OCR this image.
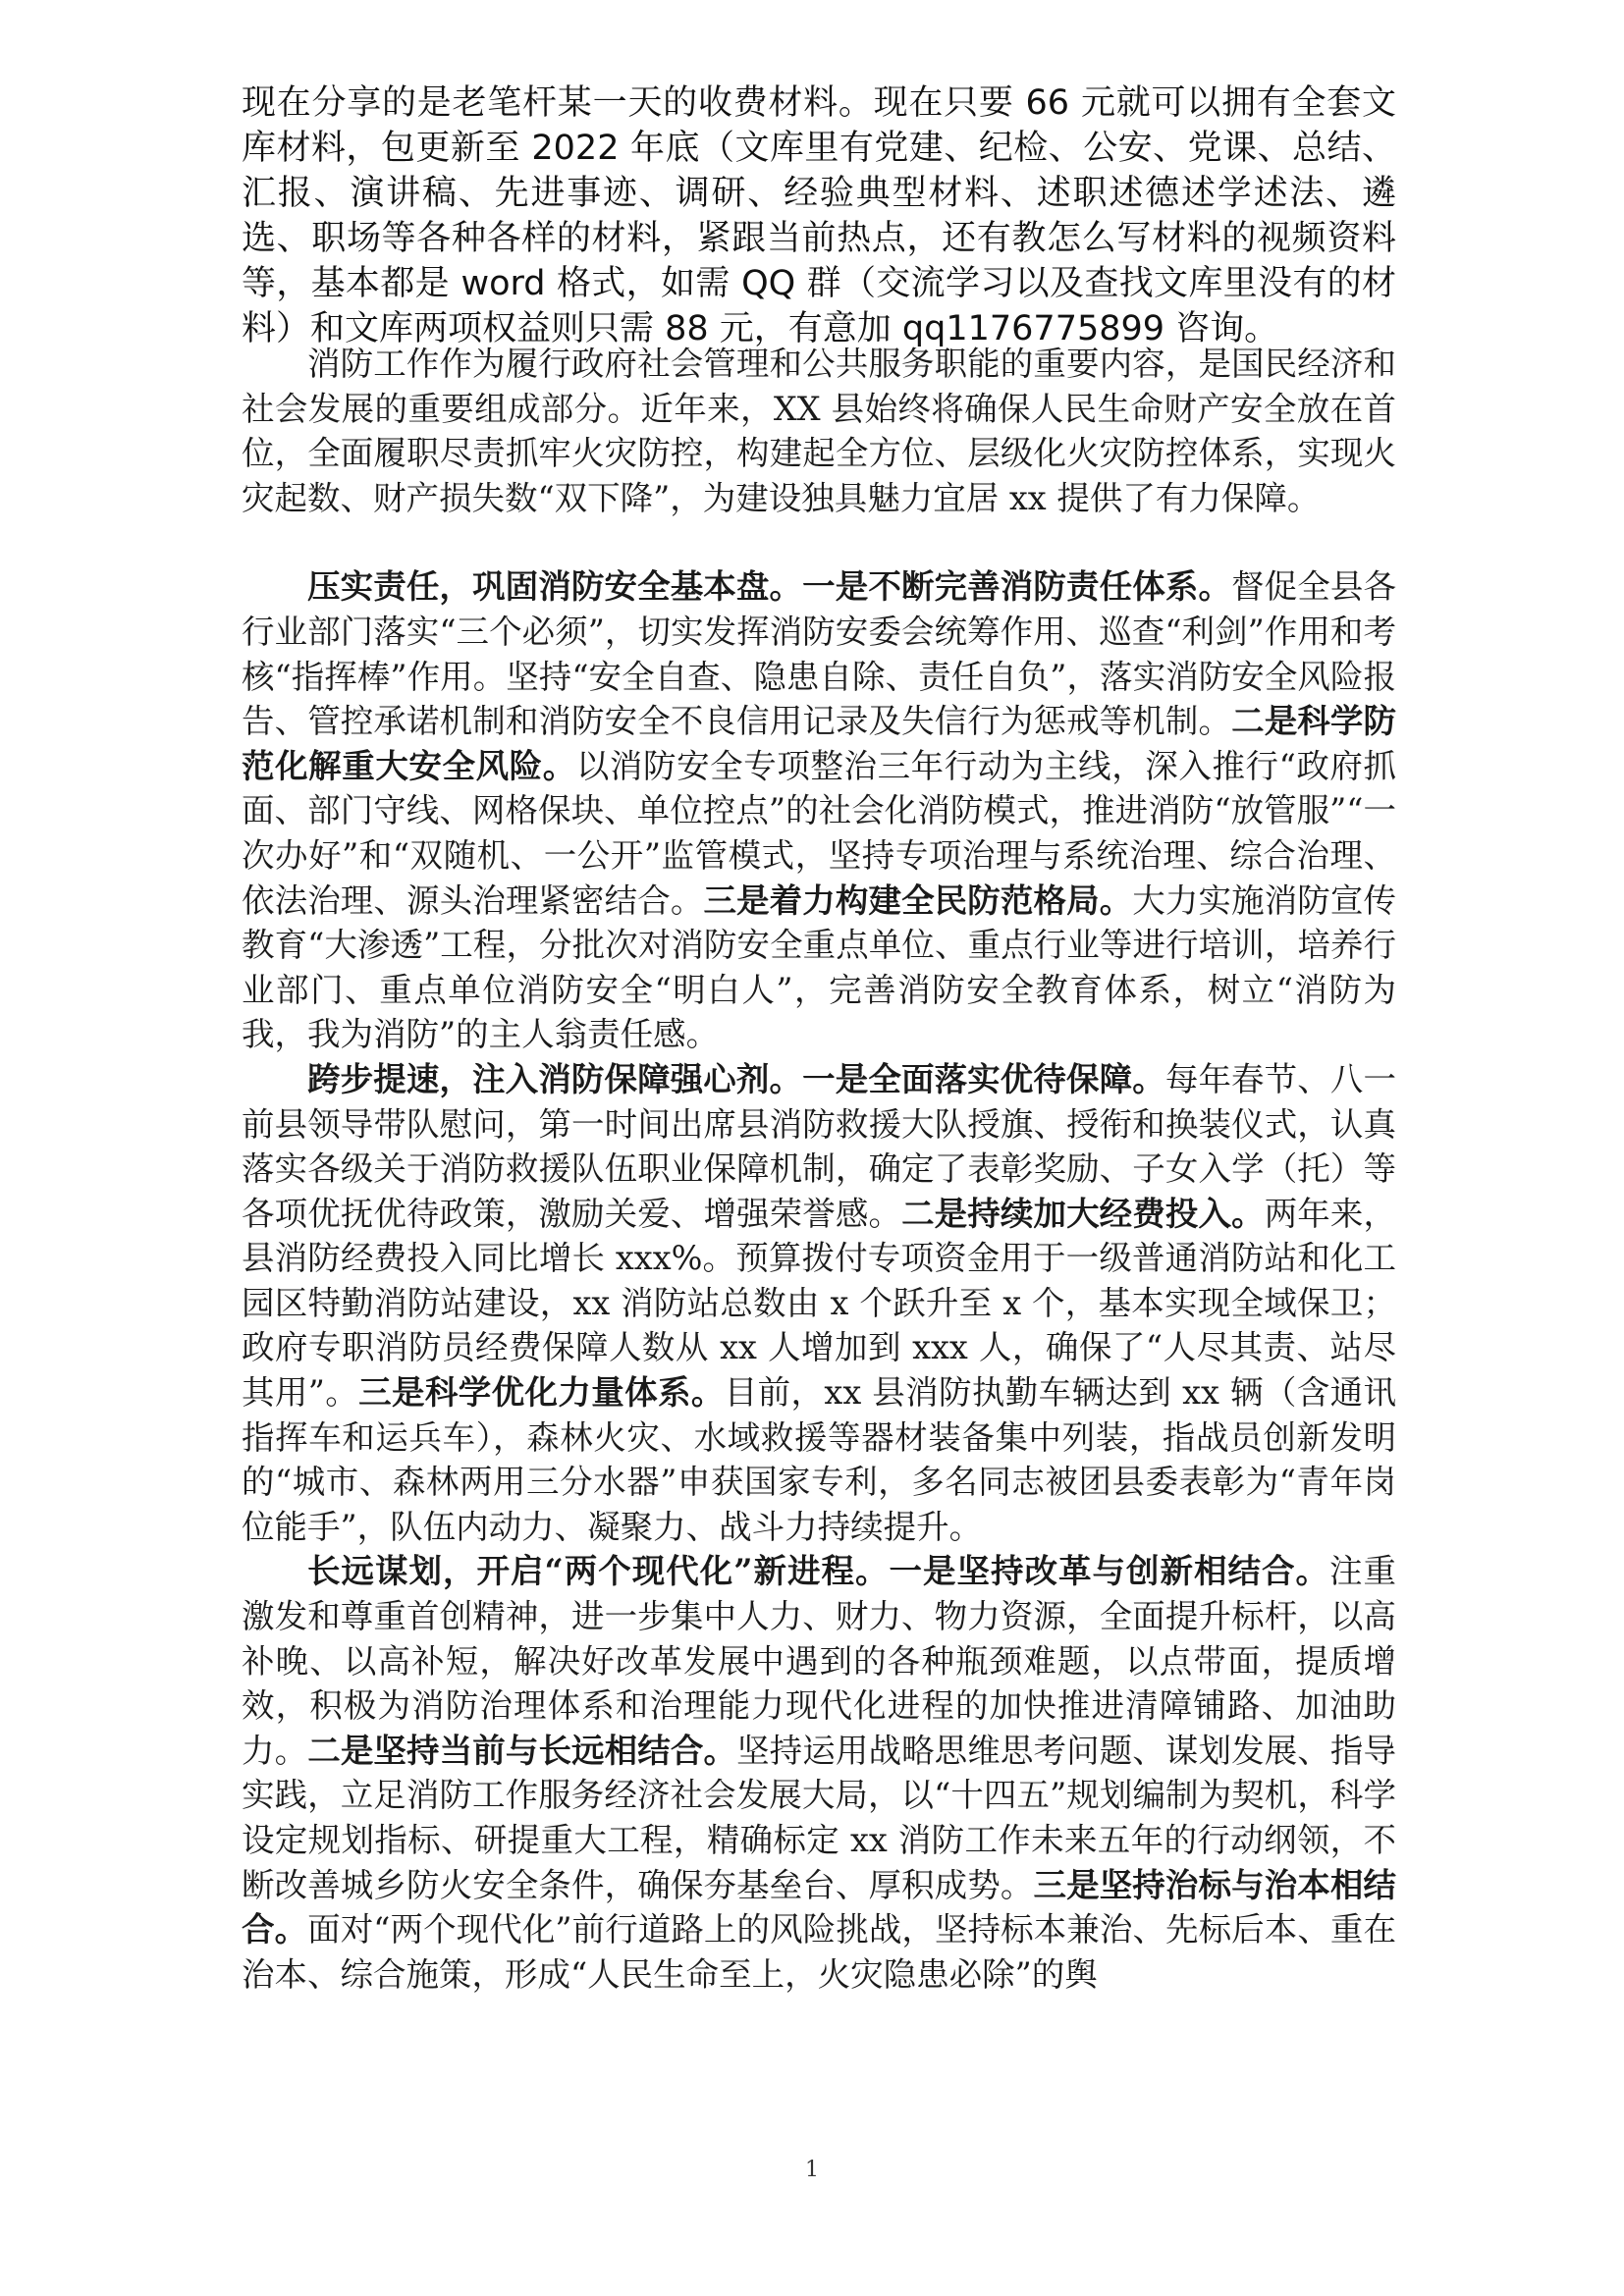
现在分享的是老笔杆某一天的收费材料。现在只要 66 元就可以拥有全套文库材料，包更新至 2022 年底（文库里有党建、纪检、公安、党课、总结、汇报、演讲稿、先进事迹、调研、经验典型材料、述职述德述学述法、遴选、职场等各种各样的材料，紧跟当前热点，还有教怎么写材料的视频资料等，基本都是 word 格式，如需 QQ 群（交流学习以及查找文库里没有的材料）和文库两项权益则只需 88 元，有意加 qq1176775899 咨询。

消防工作作为履行政府社会管理和公共服务职能的重要内容，是国民经济和社会发展的重要组成部分。近年来，XX 县始终将确保人民生命财产安全放在首位，全面履职尽责抓牢火灾防控，构建起全方位、层级化火灾防控体系，实现火灾起数、财产损失数“双下降”，为建设独具魅力宜居 xx 提供了有力保障。

压实责任，巩固消防安全基本盘。一是不断完善消防责任体系。督促全县各行业部门落实“三个必须”，切实发挥消防安委会统筹作用、巡查“利剑”作用和考核“指挥棒”作用。坚持“安全自查、隐患自除、责任自负”，落实消防安全风险报告、管控承诺机制和消防安全不良信用记录及失信行为惩戒等机制。二是科学防范化解重大安全风险。以消防安全专项整治三年行动为主线，深入推行“政府抓面、部门守线、网格保块、单位控点”的社会化消防模式，推进消防“放管服”“一次办好”和“双随机、一公开”监管模式，坚持专项治理与系统治理、综合治理、依法治理、源头治理紧密结合。三是着力构建全民防范格局。大力实施消防宣传教育“大渗透”工程，分批次对消防安全重点单位、重点行业等进行培训，培养行业部门、重点单位消防安全“明白人”，完善消防安全教育体系，树立“消防为我，我为消防”的主人翁责任感。

跨步提速，注入消防保障强心剂。一是全面落实优待保障。每年春节、八一前县领导带队慰问，第一时间出席县消防救援大队授旗、授衔和换装仪式，认真落实各级关于消防救援队伍职业保障机制，确定了表彰奖励、子女入学（托）等各项优抚优待政策，激励关爱、增强荣誉感。二是持续加大经费投入。两年来，县消防经费投入同比增长 xxx%。预算拨付专项资金用于一级普通消防站和化工园区特勤消防站建设，xx 消防站总数由 x 个跃升至 x 个，基本实现全域保卫；政府专职消防员经费保障人数从 xx 人增加到 xxx 人，确保了“人尽其责、站尽其用”。三是科学优化力量体系。目前，xx 县消防执勤车辆达到 xx 辆（含通讯指挥车和运兵车），森林火灾、水域救援等器材装备集中列装，指战员创新发明的“城市、森林两用三分水器”申获国家专利，多名同志被团县委表彰为“青年岗位能手”，队伍内动力、凝聚力、战斗力持续提升。

长远谋划，开启“两个现代化”新进程。一是坚持改革与创新相结合。注重激发和尊重首创精神，进一步集中人力、财力、物力资源，全面提升标杆，以高补晚、以高补短，解决好改革发展中遇到的各种瓶颈难题，以点带面，提质增效，积极为消防治理体系和治理能力现代化进程的加快推进清障铺路、加油助力。二是坚持当前与长远相结合。坚持运用战略思维思考问题、谋划发展、指导实践，立足消防工作服务经济社会发展大局，以“十四五”规划编制为契机，科学设定规划指标、研提重大工程，精确标定 xx 消防工作未来五年的行动纲领，不断改善城乡防火安全条件，确保夯基垒台、厚积成势。三是坚持治标与治本相结合。面对“两个现代化”前行道路上的风险挑战，坚持标本兼治、先标后本、重在治本、综合施策，形成“人民生命至上，火灾隐患必除”的舆

1
